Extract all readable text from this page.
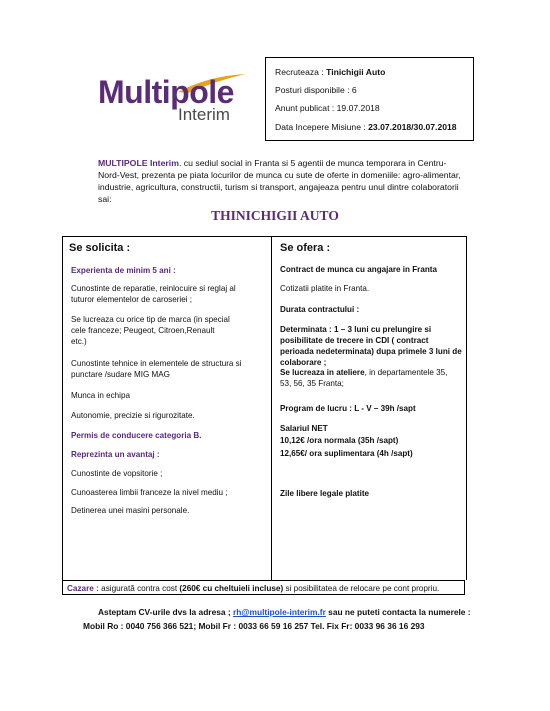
Multipole
Interim
Recruteaza : Tinichigii Auto
Posturi disponibile : 6
Anunt publicat : 19.07.2018
Data Incepere Misiune : 23.07.2018/30.07.2018
MULTIPOLE Interim. cu sediul social in Franta si 5 agentii de munca temporara in Centru-Nord-Vest, prezenta pe piata locurilor de munca cu sute de oferte in domeniile: agro-alimentar, industrie, agricultura, constructii, turism si transport, angajeaza pentru unul dintre colaboratorii sai:
THINICHIGII AUTO
Se solicita :
Experienta de minim 5 ani :
Cunostinte de reparatie, reinlocuire si reglaj al tuturor elementelor de caroseriei ;
Se lucreaza cu orice tip de marca (in special cele franceze; Peugeot, Citroen,Renault etc.)
Cunostinte tehnice in elementele de structura si punctare /sudare MIG MAG
Munca in echipa
Autonomie, precizie si rigurozitate.
Permis de conducere categoria B.
Reprezinta un avantaj :
Cunostinte de vopsitorie ;
Cunoasterea limbii franceze la nivel mediu ;
Detinerea unei masini personale.
Se ofera :
Contract de munca cu angajare in Franta
Cotizatii platite in Franta.
Durata contractului :
Determinata : 1 – 3 luni cu prelungire si posibilitate de trecere in CDI ( contract perioada nedeterminata) dupa primele 3 luni de colaborare ;
Se lucreaza in ateliere, in departamentele 35, 53, 56, 35 Franta;
Program de lucru : L - V – 39h /sapt
Salariul NET
10,12€ /ora normala (35h /sapt)
12,65€/ ora suplimentara (4h /sapt)
Zile libere legale platite
Cazare : asigurată contra cost (260€ cu cheltuieli incluse) si posibilitatea de relocare pe cont propriu.
Asteptam CV-urile dvs la adresa ; rh@multipole-interim.fr sau ne puteti contacta la numerele :
Mobil Ro : 0040 756 366 521; Mobil Fr : 0033 66 59 16 257 Tel. Fix Fr: 0033 96 36 16 293
